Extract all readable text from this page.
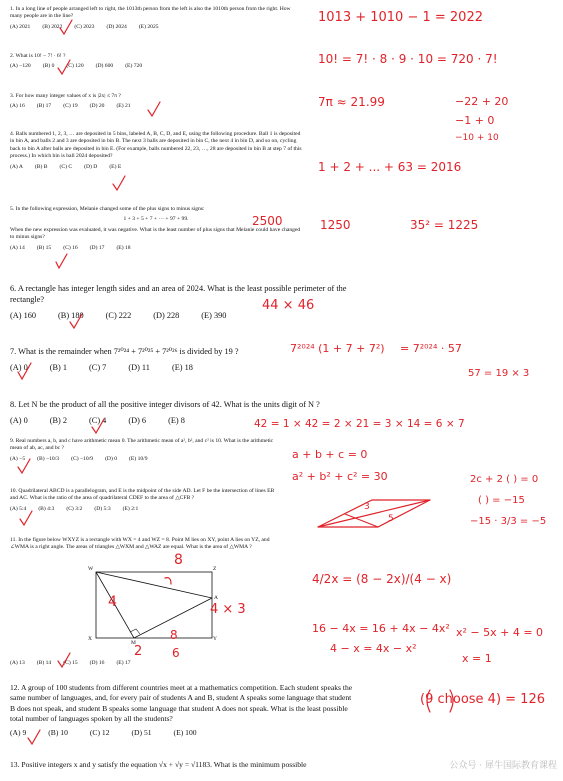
1. In a long line of people arranged left to right, the 1013th person from the left is also the 1010th person from the right. How many people are in the line?
(A) 2021 (B) 2022 (C) 2023 (D) 2024 (E) 2025
2. What is 10! − 7! · 6! ?
(A) −120 (B) 0 (C) 120 (D) 600 (E) 720
3. For how many integer values of x is |2x| ≤ 7π ?
(A) 16 (B) 17 (C) 19 (D) 20 (E) 21
4. Balls numbered 1, 2, 3, … are deposited in 5 bins, labeled A, B, C, D, and E, using the following procedure. Ball 1 is deposited in bin A, and balls 2 and 3 are deposited in bin B. The next 3 balls are deposited in bin C, the next 4 in bin D, and so on, cycling back to bin A after balls are deposited in bin E. (For example, balls numbered 22, 23, …, 28 are deposited in bin B at step 7 of this process.) In which bin is ball 2024 deposited?
(A) A (B) B (C) C (D) D (E) E
5. In the following expression, Melanie changed some of the plus signs to minus signs:
1 + 3 + 5 + 7 + ··· + 97 + 99.
When the new expression was evaluated, it was negative. What is the least number of plus signs that Melanie could have changed to minus signs?
(A) 14 (B) 15 (C) 16 (D) 17 (E) 18
6. A rectangle has integer length sides and an area of 2024. What is the least possible perimeter of the rectangle?
(A) 160	(B) 180	(C) 222	(D) 228	(E) 390
7. What is the remainder when 7²⁰²⁴ + 7²⁰²⁵ + 7²⁰²⁶ is divided by 19 ?
(A) 0	(B) 1	(C) 7	(D) 11	(E) 18
8. Let N be the product of all the positive integer divisors of 42. What is the units digit of N ?
(A) 0	(B) 2	(C) 4	(D) 6	(E) 8
9. Real numbers a, b, and c have arithmetic mean 0. The arithmetic mean of a², b², and c² is 10. What is the arithmetic mean of ab, ac, and bc ?
(A) −5 (B) −10/3 (C) −10/9 (D) 0 (E) 10/9
10. Quadrilateral ABCD is a parallelogram, and E is the midpoint of the side AD. Let F be the intersection of lines EB and AC. What is the ratio of the area of quadrilateral CDEF to the area of △CFB ?
(A) 5:4 (B) 4:3 (C) 3:2 (D) 5:3 (E) 2:1
11. In the figure below WXYZ is a rectangle with WX = 4 and WZ = 8. Point M lies on XY, point A lies on YZ, and ∠WMA is a right angle. The areas of triangles △WXM and △WAZ are equal. What is the area of △WMA ?
W
X
M
Y
Z
A
(A) 13 (B) 14 (C) 15 (D) 16 (E) 17
12. A group of 100 students from different countries meet at a mathematics competition. Each student speaks the same number of languages, and, for every pair of students A and B, student A speaks some language that student B does not speak, and student B speaks some language that student A does not speak. What is the least possible total number of languages spoken by all the students?
(A) 9	(B) 10	(C) 12	(D) 51	(E) 100
13. Positive integers x and y satisfy the equation √x + √y = √1183. What is the minimum possible
1013 + 1010 − 1 = 2022
10! = 7! · 8 · 9 · 10 = 720 · 7!
7π ≈ 21.99	−22 + 20
−1 + 0
−10 + 10
1 + 2 + ... + 63 = 2016
2500	1250	35² = 1225
44 × 46
7²⁰²⁴ (1 + 7 + 7²) = 7²⁰²⁴ · 57
57 = 19 × 3
42 = 1 × 42 = 2 × 21 = 3 × 14 = 6 × 7
a + b + c = 0
a² + b² + c² = 30	2c + 2 ( ) = 0
( ) = −15
−15 · 3/3 = −5
4/2x = (8 − 2x)/(4 − x)
16 − 4x = 16 + 4x − 4x²
4 − x = 4x − x²
x² − 5x + 4 = 0
x = 1
(9 choose 4) = 126
8
4	4 × 3
2
8
6
3
5
公众号 · 犀牛国际教育课程
